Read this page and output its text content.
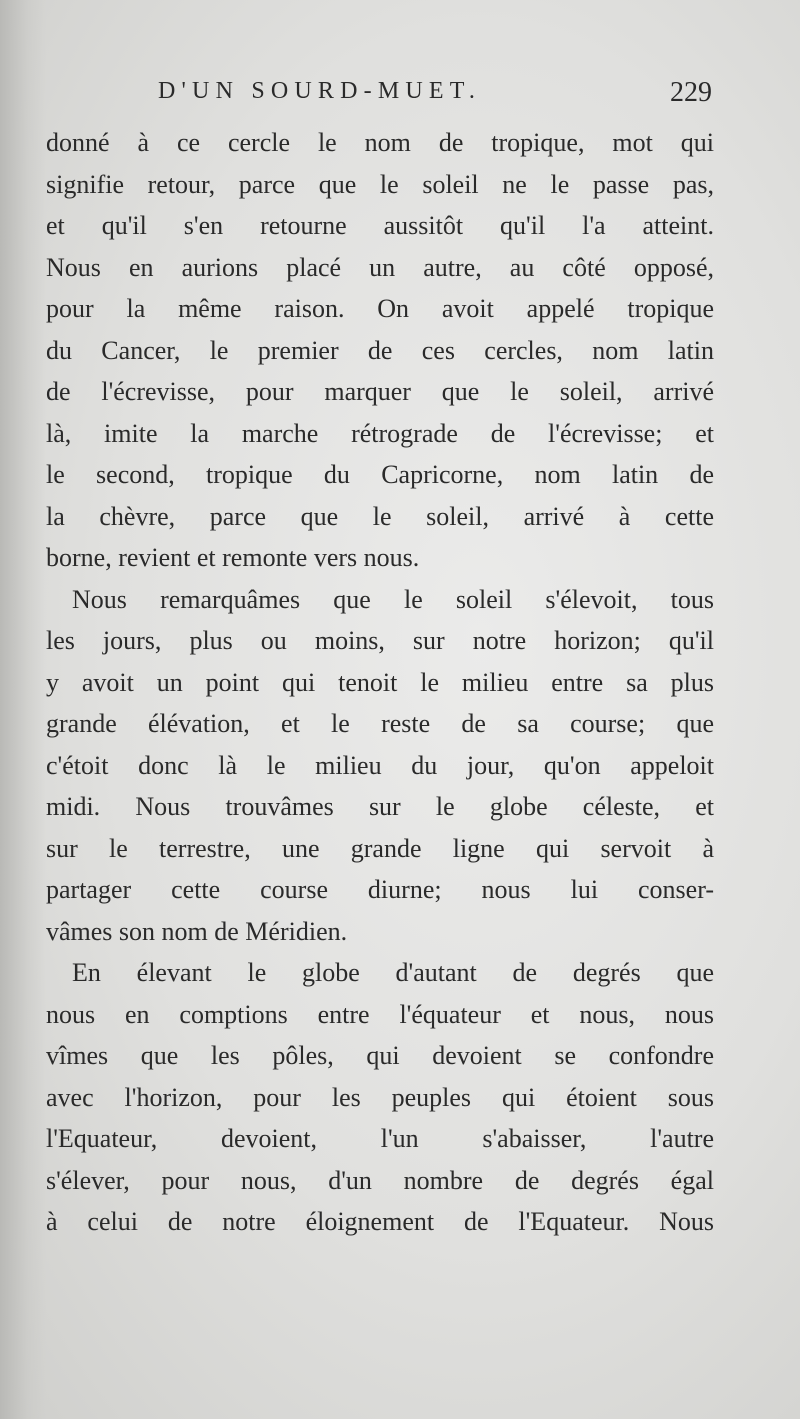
D'UN SOURD-MUET.	229
donné à ce cercle le nom de tropique, mot qui
signifie retour, parce que le soleil ne le passe pas,
et qu'il s'en retourne aussitôt qu'il l'a atteint.
Nous en aurions placé un autre, au côté opposé,
pour la même raison. On avoit appelé tropique
du Cancer, le premier de ces cercles, nom latin
de l'écrevisse, pour marquer que le soleil, arrivé
là, imite la marche rétrograde de l'écrevisse; et
le second, tropique du Capricorne, nom latin de
la chèvre, parce que le soleil, arrivé à cette
borne, revient et remonte vers nous.
Nous remarquâmes que le soleil s'élevoit, tous
les jours, plus ou moins, sur notre horizon; qu'il
y avoit un point qui tenoit le milieu entre sa plus
grande élévation, et le reste de sa course; que
c'étoit donc là le milieu du jour, qu'on appeloit
midi. Nous trouvâmes sur le globe céleste, et
sur le terrestre, une grande ligne qui servoit à
partager cette course diurne; nous lui conser-
vâmes son nom de Méridien.
En élevant le globe d'autant de degrés que
nous en comptions entre l'équateur et nous, nous
vîmes que les pôles, qui devoient se confondre
avec l'horizon, pour les peuples qui étoient sous
l'Equateur, devoient, l'un s'abaisser, l'autre
s'élever, pour nous, d'un nombre de degrés égal
à celui de notre éloignement de l'Equateur. Nous
